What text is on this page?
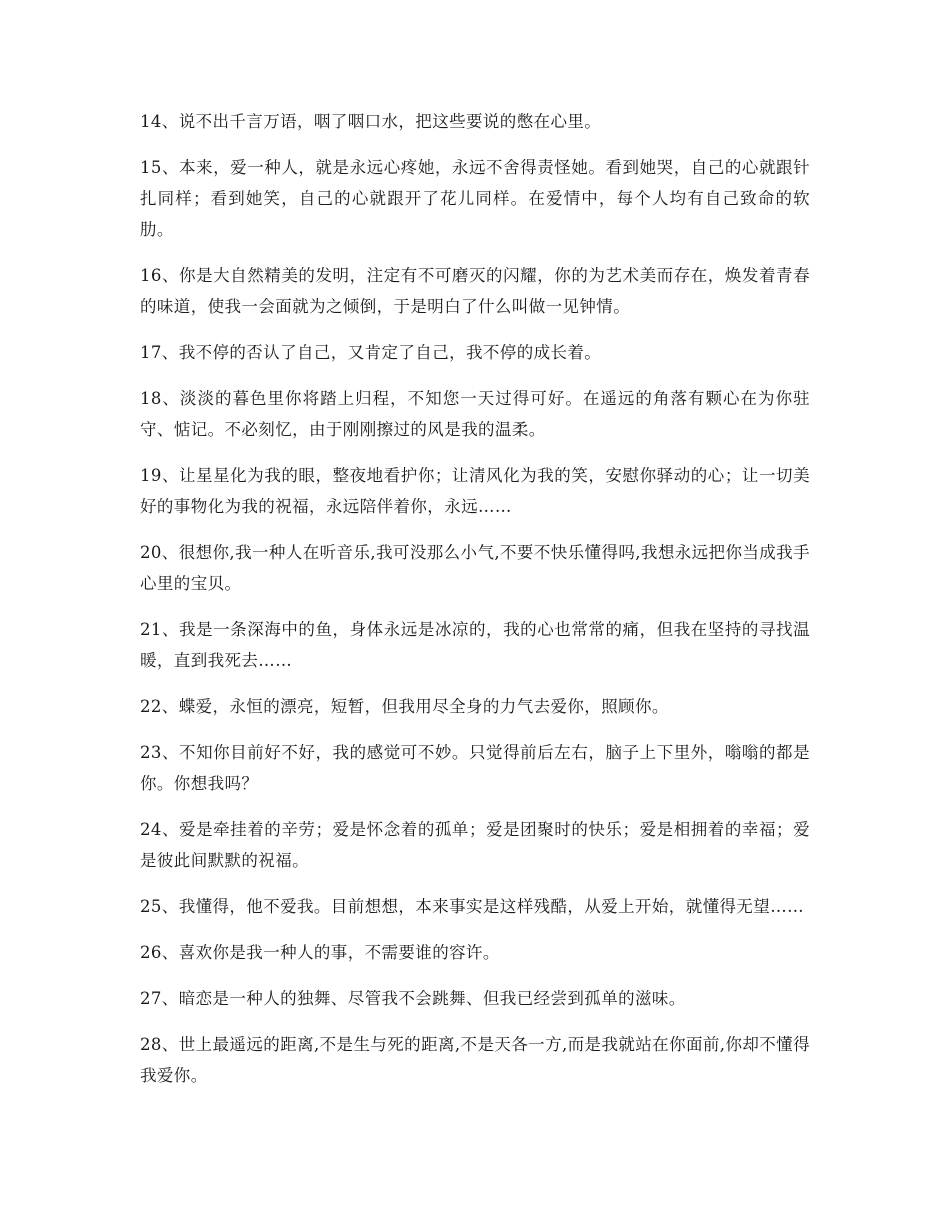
14、说不出千言万语，咽了咽口水，把这些要说的憋在心里。

15、本来，爱一种人，就是永远心疼她，永远不舍得责怪她。看到她哭，自己的心就跟针扎同样；看到她笑，自己的心就跟开了花儿同样。在爱情中，每个人均有自己致命的软肋。

16、你是大自然精美的发明，注定有不可磨灭的闪耀，你的为艺术美而存在，焕发着青春的味道，使我一会面就为之倾倒，于是明白了什么叫做一见钟情。

17、我不停的否认了自己，又肯定了自己，我不停的成长着。

18、淡淡的暮色里你将踏上归程，不知您一天过得可好。在遥远的角落有颗心在为你驻守、惦记。不必刻忆，由于刚刚擦过的风是我的温柔。

19、让星星化为我的眼，整夜地看护你；让清风化为我的笑，安慰你驿动的心；让一切美好的事物化为我的祝福，永远陪伴着你，永远……

20、很想你,我一种人在听音乐,我可没那么小气,不要不快乐懂得吗,我想永远把你当成我手心里的宝贝。

21、我是一条深海中的鱼，身体永远是冰凉的，我的心也常常的痛，但我在坚持的寻找温暖，直到我死去……

22、蝶爱，永恒的漂亮，短暂，但我用尽全身的力气去爱你，照顾你。

23、不知你目前好不好，我的感觉可不妙。只觉得前后左右，脑子上下里外，嗡嗡的都是你。你想我吗？

24、爱是牵挂着的辛劳；爱是怀念着的孤单；爱是团聚时的快乐；爱是相拥着的幸福；爱是彼此间默默的祝福。

25、我懂得，他不爱我。目前想想，本来事实是这样残酷，从爱上开始，就懂得无望……

26、喜欢你是我一种人的事，不需要谁的容许。

27、暗恋是一种人的独舞、尽管我不会跳舞、但我已经尝到孤单的滋味。

28、世上最遥远的距离,不是生与死的距离,不是天各一方,而是我就站在你面前,你却不懂得我爱你。
